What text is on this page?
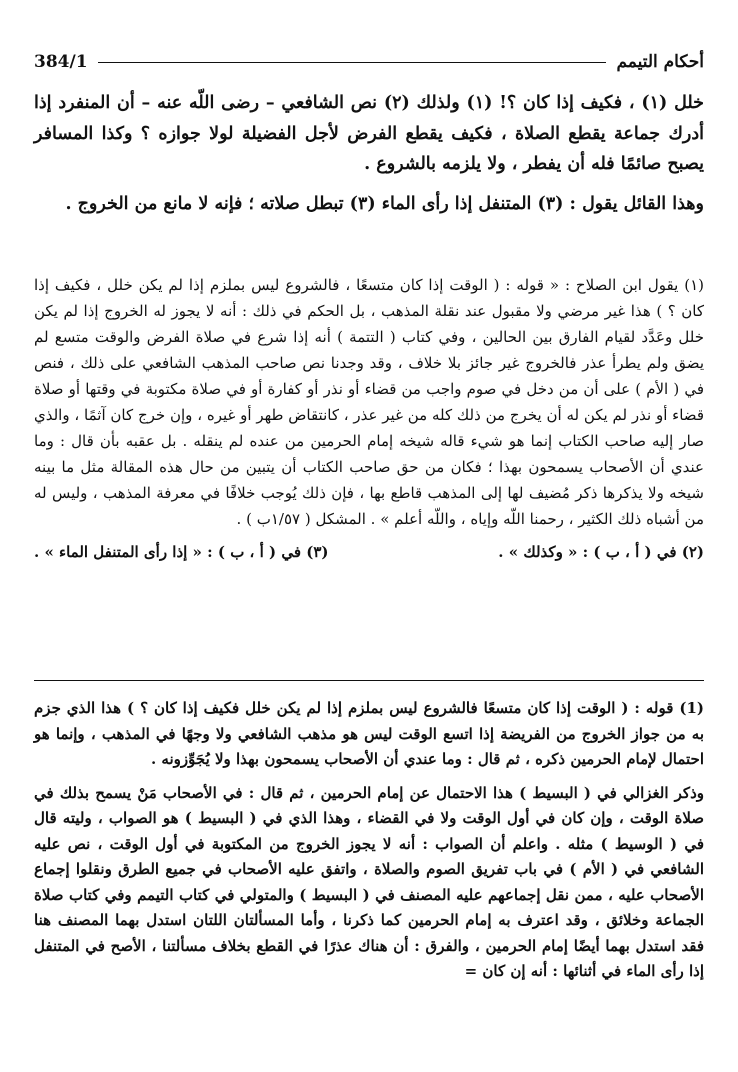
384/1	أحكام التيمم

خلل (١) ، فكيف إذا كان ؟! (١) ولذلك (٢) نص الشافعي – رضى اللّه عنه – أن المنفرد إذا أدرك جماعة يقطع الصلاة ، فكيف يقطع الفرض لأجل الفضيلة لولا جوازه ؟ وكذا المسافر يصبح صائمًا فله أن يفطر ، ولا يلزمه بالشروع .

وهذا القائل يقول : (٣) المتنفل إذا رأى الماء (٣) تبطل صلاته ؛ فإنه لا مانع من الخروج .

(١) يقول ابن الصلاح : « قوله : ( الوقت إذا كان متسعًا ، فالشروع ليس بملزم إذا لم يكن خلل ، فكيف إذا كان ؟ ) هذا غير مرضي ولا مقبول عند نقلة المذهب ، بل الحكم في ذلك : أنه لا يجوز له الخروج إذا لم يكن خلل وعَدَّد لقيام الفارق بين الحالين ، وفي كتاب ( التتمة ) أنه إذا شرع في صلاة الفرض والوقت متسع لم يضق ولم يطرأ عذر فالخروج غير جائز بلا خلاف ، وقد وجدنا نص صاحب المذهب الشافعي على ذلك ، فنص في ( الأم ) على أن من دخل في صوم واجب من قضاء أو نذر أو كفارة أو في صلاة مكتوبة في وقتها أو صلاة قضاء أو نذر لم يكن له أن يخرج من ذلك كله من غير عذر ، كانتقاض طهر أو غيره ، وإن خرج كان آثمًا ، والذي صار إليه صاحب الكتاب إنما هو شيء قاله شيخه إمام الحرمين من عنده لم ينقله . بل عقبه بأن قال : وما عندي أن الأصحاب يسمحون بهذا ؛ فكان من حق صاحب الكتاب أن يتبين من حال هذه المقالة مثل ما بينه شيخه ولا يذكرها ذكر مُضيف لها إلى المذهب قاطع بها ، فإن ذلك يُوجب خلافًا في معرفة المذهب ، وليس له من أشباه ذلك الكثير ، رحمنا اللّه وإياه ، واللّه أعلم » . المشكل ( ١/٥٧ب ) .

(٢) في ( أ ، ب ) : « وكذلك » .
(٣) في ( أ ، ب ) : « إذا رأى المتنفل الماء » .

(1) قوله : ( الوقت إذا كان متسعًا فالشروع ليس بملزم إذا لم يكن خلل فكيف إذا كان ؟ ) هذا الذي جزم به من جواز الخروج من الفريضة إذا اتسع الوقت ليس هو مذهب الشافعي ولا وجهًا في المذهب ، وإنما هو احتمال لإمام الحرمين ذكره ، ثم قال : وما عندي أن الأصحاب يسمحون بهذا ولا يُجَوِّزونه .

وذكر الغزالي في ( البسيط ) هذا الاحتمال عن إمام الحرمين ، ثم قال : في الأصحاب مَنْ يسمح بذلك في صلاة الوقت ، وإن كان في أول الوقت ولا في القضاء ، وهذا الذي في ( البسيط ) هو الصواب ، وليته قال في ( الوسيط ) مثله . واعلم أن الصواب : أنه لا يجوز الخروج من المكتوبة في أول الوقت ، نص عليه الشافعي في ( الأم ) في باب تفريق الصوم والصلاة ، واتفق عليه الأصحاب في جميع الطرق ونقلوا إجماع الأصحاب عليه ، ممن نقل إجماعهم عليه المصنف في ( البسيط ) والمتولي في كتاب التيمم وفي كتاب صلاة الجماعة وخلائق ، وقد اعترف به إمام الحرمين كما ذكرنا ، وأما المسألتان اللتان استدل بهما المصنف هنا فقد استدل بهما أيضًا إمام الحرمين ، والفرق : أن هناك عذرًا في القطع بخلاف مسألتنا ، الأصح في المتنفل إذا رأى الماء في أثنائها : أنه إن كان =
